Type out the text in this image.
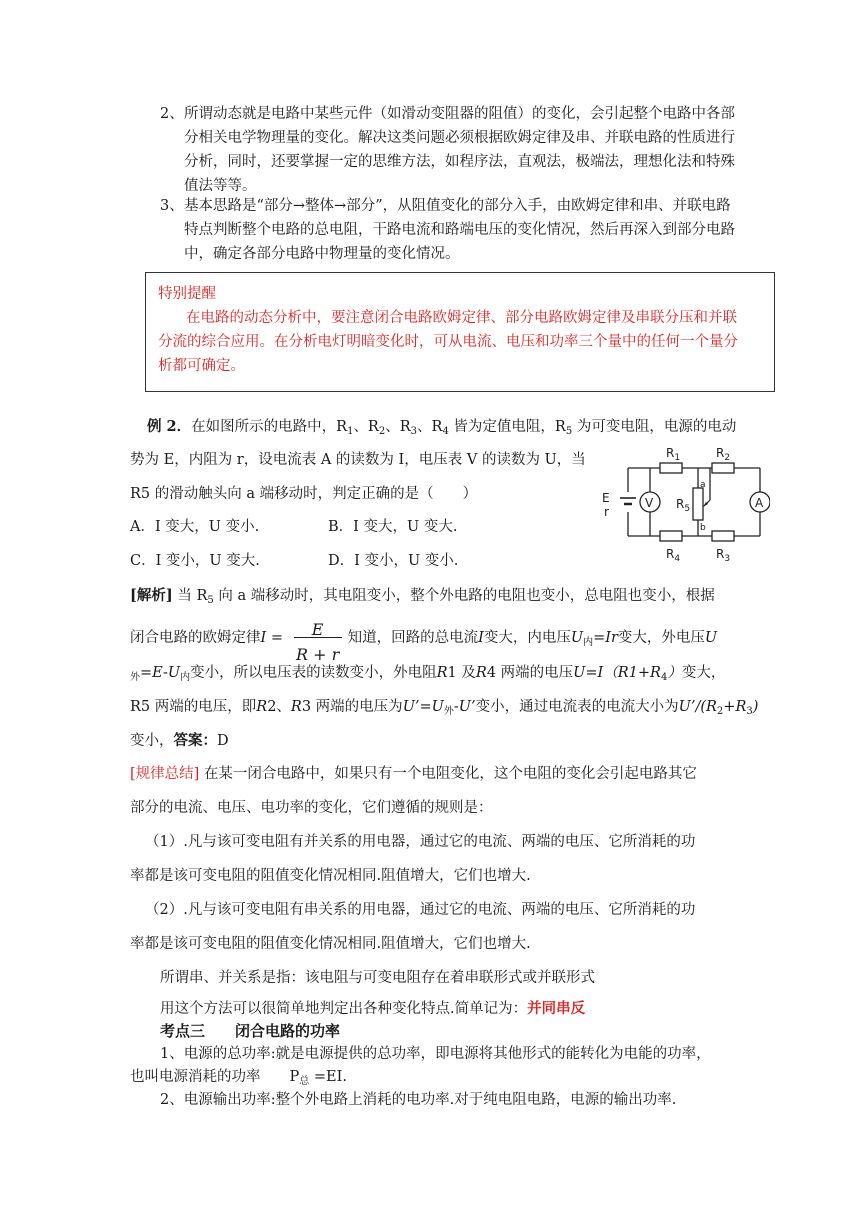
2、 所谓动态就是电路中某些元件（如滑动变阻器的阻值）的变化，会引起整个电路中各部分相关电学物理量的变化。解决这类问题必须根据欧姆定律及串、并联电路的性质进行分析，同时，还要掌握一定的思维方法，如程序法，直观法，极端法，理想化法和特殊值法等等。
3、 基本思路是“部分→整体→部分”，从阻值变化的部分入手，由欧姆定律和串、并联电路特点判断整个电路的总电阻，干路电流和路端电压的变化情况，然后再深入到部分电路中，确定各部分电路中物理量的变化情况。
特别提醒
在电路的动态分析中，要注意闭合电路欧姆定律、部分电路欧姆定律及串联分压和并联
分流的综合应用。在分析电灯明暗变化时，可从电流、电压和功率三个量中的任何一个量分
析都可确定。
例 2．在如图所示的电路中，$R_1$、$R_2$、$R_3$、$R_4$ 皆为定值电阻，$R_5$ 为可变电阻，电源的电动
势为 E，内阻为 r，设电流表 A 的读数为 I，电压表 V 的读数为 U，当
R5 的滑动触头向 a 端移动时，判定正确的是（　　）
A．I 变大，U 变小.	B．I 变大，U 变大.
C．I 变小，U 变大.	D．I 变小，U 变小.
V	A
$R_1$	$R_2$
$R_4$	$R_3$
$R_5$
E
r
a
b
[解析] 当 $R_5$ 向 a 端移动时，其电阻变小，整个外电路的电阻也变小，总电阻也变小，根据
闭合电路的欧姆定律I =	E
R + r
知道，回路的总电流I变大，内电压$U_内=Ir$变大，外电压U
$_外=E-U_内$变小，所以电压表的读数变小，外电阻R1 及R4 两端的电压$U=I(R1+R_4)$变大，
R5 两端的电压，即R2、R3 两端的电压为$U’=U_外-U$’变小，通过电流表的电流大小为$U’/(R_2+R_3)$
变小，答案：D
[规律总结] 在某一闭合电路中，如果只有一个电阻变化，这个电阻的变化会引起电路其它
部分的电流、电压、电功率的变化，它们遵循的规则是：
（1）.凡与该可变电阻有并关系的用电器，通过它的电流、两端的电压、它所消耗的功
率都是该可变电阻的阻值变化情况相同.阻值增大，它们也增大.
（2）.凡与该可变电阻有串关系的用电器，通过它的电流、两端的电压、它所消耗的功
率都是该可变电阻的阻值变化情况相同.阻值增大，它们也增大.
所谓串、并关系是指：该电阻与可变电阻存在着串联形式或并联形式
用这个方法可以很简单地判定出各种变化特点.简单记为：并同串反
考点三　　闭合电路的功率
1、电源的总功率:就是电源提供的总功率，即电源将其他形式的能转化为电能的功率，
也叫电源消耗的功率　　$P_总 =EI$.
2、电源输出功率:整个外电路上消耗的电功率.对于纯电阻电路，电源的输出功率.
